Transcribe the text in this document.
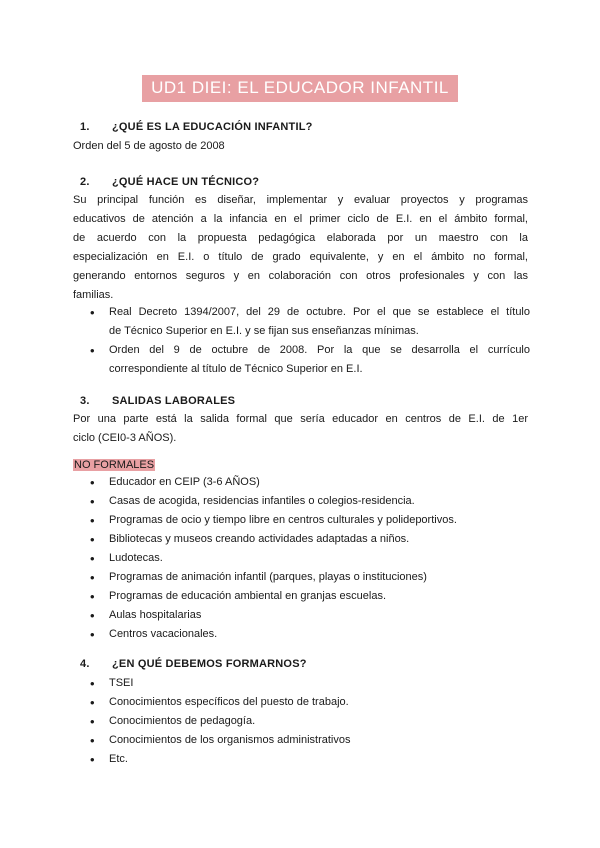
UD1 DIEI: EL EDUCADOR INFANTIL
1. ¿QUÉ ES LA EDUCACIÓN INFANTIL?
Orden del 5 de agosto de 2008
2. ¿QUÉ HACE UN TÉCNICO?
Su principal función es diseñar, implementar y evaluar proyectos y programas
educativos de atención a la infancia en el primer ciclo de E.I. en el ámbito formal,
de acuerdo con la propuesta pedagógica elaborada por un maestro con la
especialización en E.I. o título de grado equivalente, y en el ámbito no formal,
generando entornos seguros y en colaboración con otros profesionales y con las
familias.
• Real Decreto 1394/2007, del 29 de octubre. Por el que se establece el título
de Técnico Superior en E.I. y se fijan sus enseñanzas mínimas.
• Orden del 9 de octubre de 2008. Por la que se desarrolla el currículo
correspondiente al título de Técnico Superior en E.I.
3. SALIDAS LABORALES
Por una parte está la salida formal que sería educador en centros de E.I. de 1er
ciclo (CEI0-3 AÑOS).
NO FORMALES
• Educador en CEIP (3-6 AÑOS)
• Casas de acogida, residencias infantiles o colegios-residencia.
• Programas de ocio y tiempo libre en centros culturales y polideportivos.
• Bibliotecas y museos creando actividades adaptadas a niños.
• Ludotecas.
• Programas de animación infantil (parques, playas o instituciones)
• Programas de educación ambiental en granjas escuelas.
• Aulas hospitalarias
• Centros vacacionales.
4. ¿EN QUÉ DEBEMOS FORMARNOS?
• TSEI
• Conocimientos específicos del puesto de trabajo.
• Conocimientos de pedagogía.
• Conocimientos de los organismos administrativos
• Etc.
